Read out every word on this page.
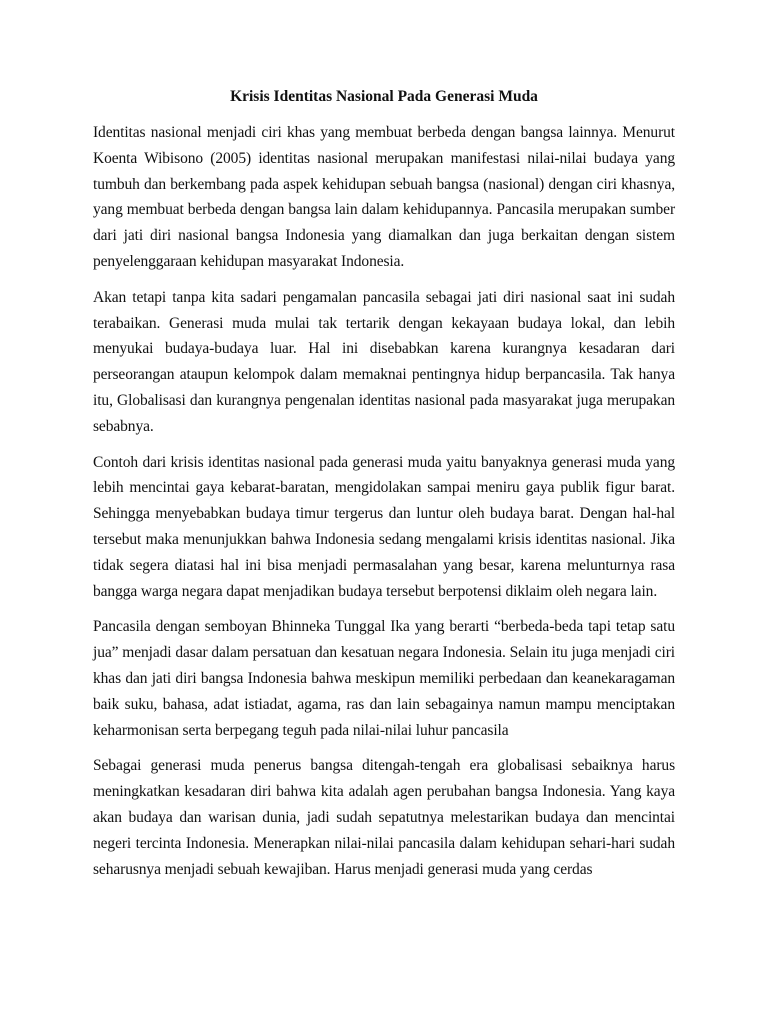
Krisis Identitas Nasional Pada Generasi Muda

Identitas nasional menjadi ciri khas yang membuat berbeda dengan bangsa lainnya. Menurut Koenta Wibisono (2005) identitas nasional merupakan manifestasi nilai-nilai budaya yang tumbuh dan berkembang pada aspek kehidupan sebuah bangsa (nasional) dengan ciri khasnya, yang membuat berbeda dengan bangsa lain dalam kehidupannya. Pancasila merupakan sumber dari jati diri nasional bangsa Indonesia yang diamalkan dan juga berkaitan dengan sistem penyelenggaraan kehidupan masyarakat Indonesia.

Akan tetapi tanpa kita sadari pengamalan pancasila sebagai jati diri nasional saat ini sudah terabaikan. Generasi muda mulai tak tertarik dengan kekayaan budaya lokal, dan lebih menyukai budaya-budaya luar. Hal ini disebabkan karena kurangnya kesadaran dari perseorangan ataupun kelompok dalam memaknai pentingnya hidup berpancasila. Tak hanya itu, Globalisasi dan kurangnya pengenalan identitas nasional pada masyarakat juga merupakan sebabnya.

Contoh dari krisis identitas nasional pada generasi muda yaitu banyaknya generasi muda yang lebih mencintai gaya kebarat-baratan, mengidolakan sampai meniru gaya publik figur barat. Sehingga menyebabkan budaya timur tergerus dan luntur oleh budaya barat. Dengan hal-hal tersebut maka menunjukkan bahwa Indonesia sedang mengalami krisis identitas nasional. Jika tidak segera diatasi hal ini bisa menjadi permasalahan yang besar, karena melunturnya rasa bangga warga negara dapat menjadikan budaya tersebut berpotensi diklaim oleh negara lain.

Pancasila dengan semboyan Bhinneka Tunggal Ika yang berarti “berbeda-beda tapi tetap satu jua” menjadi dasar dalam persatuan dan kesatuan negara Indonesia. Selain itu juga menjadi ciri khas dan jati diri bangsa Indonesia bahwa meskipun memiliki perbedaan dan keanekaragaman baik suku, bahasa, adat istiadat, agama, ras dan lain sebagainya namun mampu menciptakan keharmonisan serta berpegang teguh pada nilai-nilai luhur pancasila

Sebagai generasi muda penerus bangsa ditengah-tengah era globalisasi sebaiknya harus meningkatkan kesadaran diri bahwa kita adalah agen perubahan bangsa Indonesia. Yang kaya akan budaya dan warisan dunia, jadi sudah sepatutnya melestarikan budaya dan mencintai negeri tercinta Indonesia. Menerapkan nilai-nilai pancasila dalam kehidupan sehari-hari sudah seharusnya menjadi sebuah kewajiban. Harus menjadi generasi muda yang cerdas
